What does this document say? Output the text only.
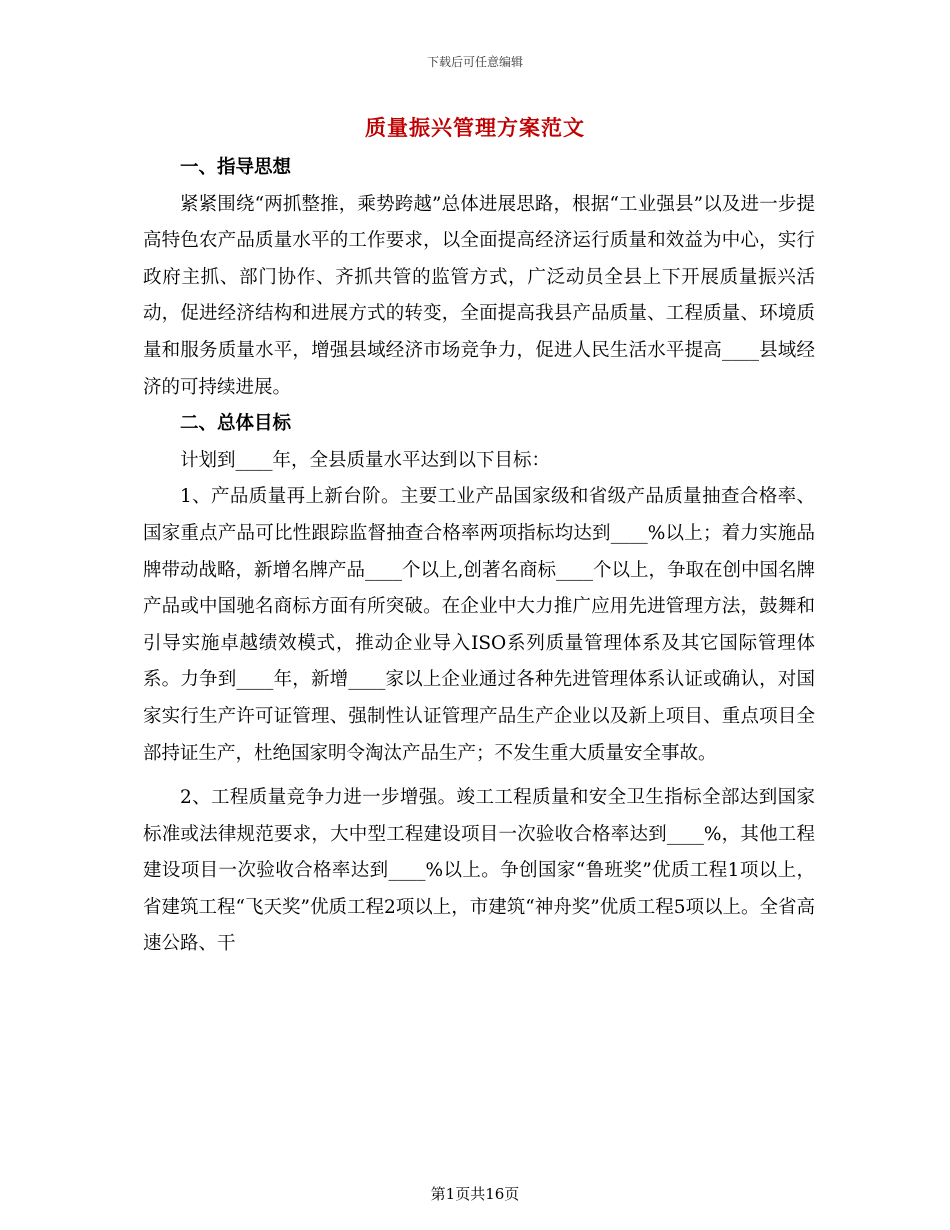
下载后可任意编辑
质量振兴管理方案范文

一、指导思想

紧紧围绕“两抓整推，乘势跨越”总体进展思路，根据“工业强县”以及进一步提高特色农产品质量水平的工作要求，以全面提高经济运行质量和效益为中心，实行政府主抓、部门协作、齐抓共管的监管方式，广泛动员全县上下开展质量振兴活动，促进经济结构和进展方式的转变，全面提高我县产品质量、工程质量、环境质量和服务质量水平，增强县域经济市场竞争力，促进人民生活水平提高____县域经济的可持续进展。

二、总体目标

计划到____年，全县质量水平达到以下目标：

1、产品质量再上新台阶。主要工业产品国家级和省级产品质量抽查合格率、国家重点产品可比性跟踪监督抽查合格率两项指标均达到____%以上；着力实施品牌带动战略，新增名牌产品____个以上,创著名商标____个以上，争取在创中国名牌产品或中国驰名商标方面有所突破。在企业中大力推广应用先进管理方法，鼓舞和引导实施卓越绩效模式，推动企业导入ISO系列质量管理体系及其它国际管理体系。力争到____年，新增____家以上企业通过各种先进管理体系认证或确认，对国家实行生产许可证管理、强制性认证管理产品生产企业以及新上项目、重点项目全部持证生产，杜绝国家明令淘汰产品生产；不发生重大质量安全事故。

2、工程质量竞争力进一步增强。竣工工程质量和安全卫生指标全部达到国家标准或法律规范要求，大中型工程建设项目一次验收合格率达到____%，其他工程建设项目一次验收合格率达到____%以上。争创国家“鲁班奖”优质工程1项以上，省建筑工程“飞天奖”优质工程2项以上，市建筑“神舟奖”优质工程5项以上。全省高速公路、干

第1页共16页
